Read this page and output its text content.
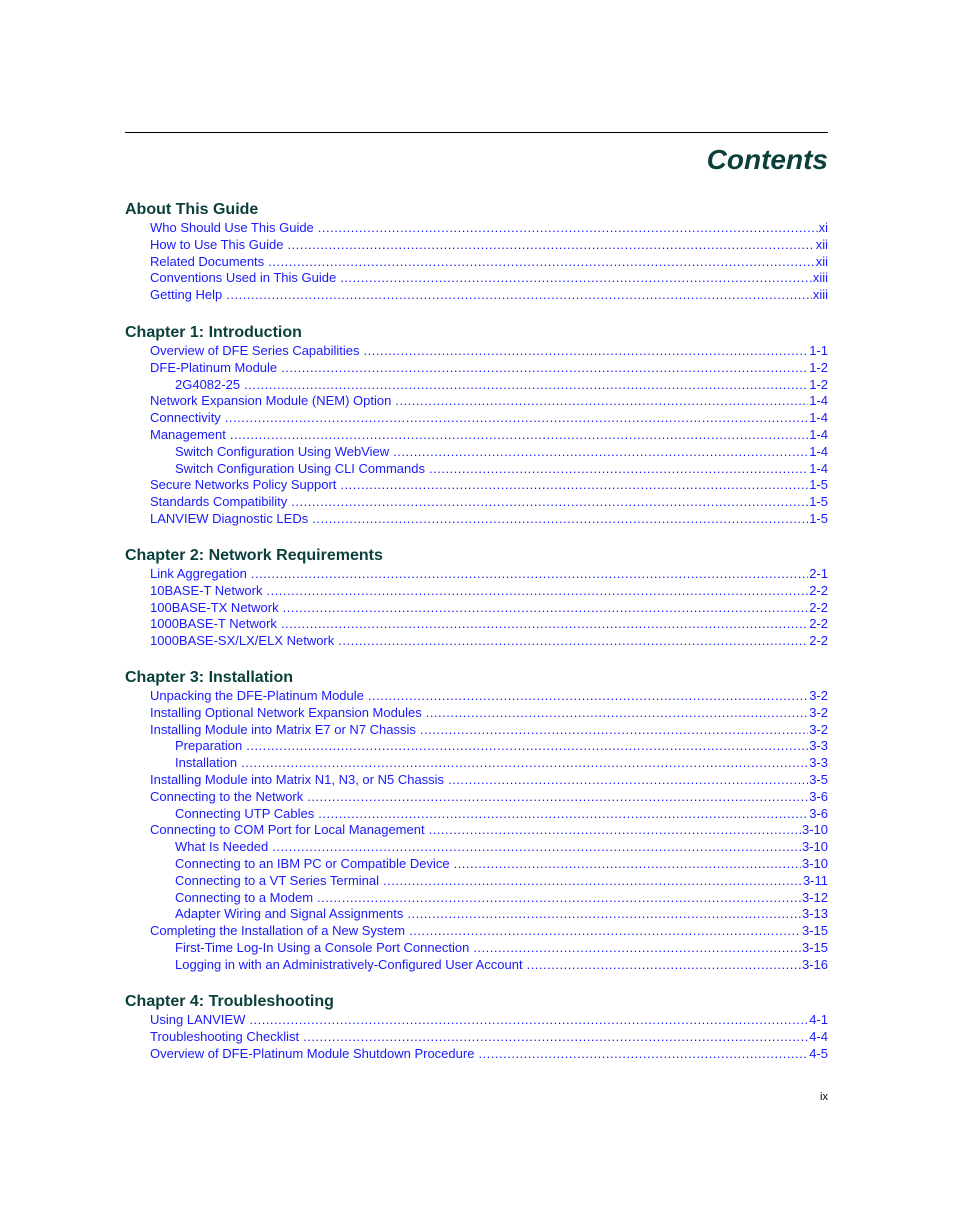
Contents
About This Guide
Who Should Use This Guide .....	xi
How to Use This Guide .....	xii
Related Documents .....	xii
Conventions Used in This Guide .....	xiii
Getting Help .....	xiii
Chapter 1: Introduction
Overview of DFE Series Capabilities .....	1-1
DFE-Platinum Module .....	1-2
2G4082-25 .....	1-2
Network Expansion Module (NEM) Option .....	1-4
Connectivity .....	1-4
Management .....	1-4
Switch Configuration Using WebView .....	1-4
Switch Configuration Using CLI Commands .....	1-4
Secure Networks Policy Support .....	1-5
Standards Compatibility .....	1-5
LANVIEW Diagnostic LEDs .....	1-5
Chapter 2: Network Requirements
Link Aggregation .....	2-1
10BASE-T Network .....	2-2
100BASE-TX Network .....	2-2
1000BASE-T Network .....	2-2
1000BASE-SX/LX/ELX Network .....	2-2
Chapter 3: Installation
Unpacking the DFE-Platinum Module .....	3-2
Installing Optional Network Expansion Modules .....	3-2
Installing Module into Matrix E7 or N7 Chassis .....	3-2
Preparation .....	3-3
Installation .....	3-3
Installing Module into Matrix N1, N3, or N5 Chassis .....	3-5
Connecting to the Network .....	3-6
Connecting UTP Cables .....	3-6
Connecting to COM Port for Local Management .....	3-10
What Is Needed .....	3-10
Connecting to an IBM PC or Compatible Device .....	3-10
Connecting to a VT Series Terminal .....	3-11
Connecting to a Modem .....	3-12
Adapter Wiring and Signal Assignments .....	3-13
Completing the Installation of a New System .....	3-15
First-Time Log-In Using a Console Port Connection .....	3-15
Logging in with an Administratively-Configured User Account .....	3-16
Chapter 4: Troubleshooting
Using LANVIEW .....	4-1
Troubleshooting Checklist .....	4-4
Overview of DFE-Platinum Module Shutdown Procedure .....	4-5
ix
